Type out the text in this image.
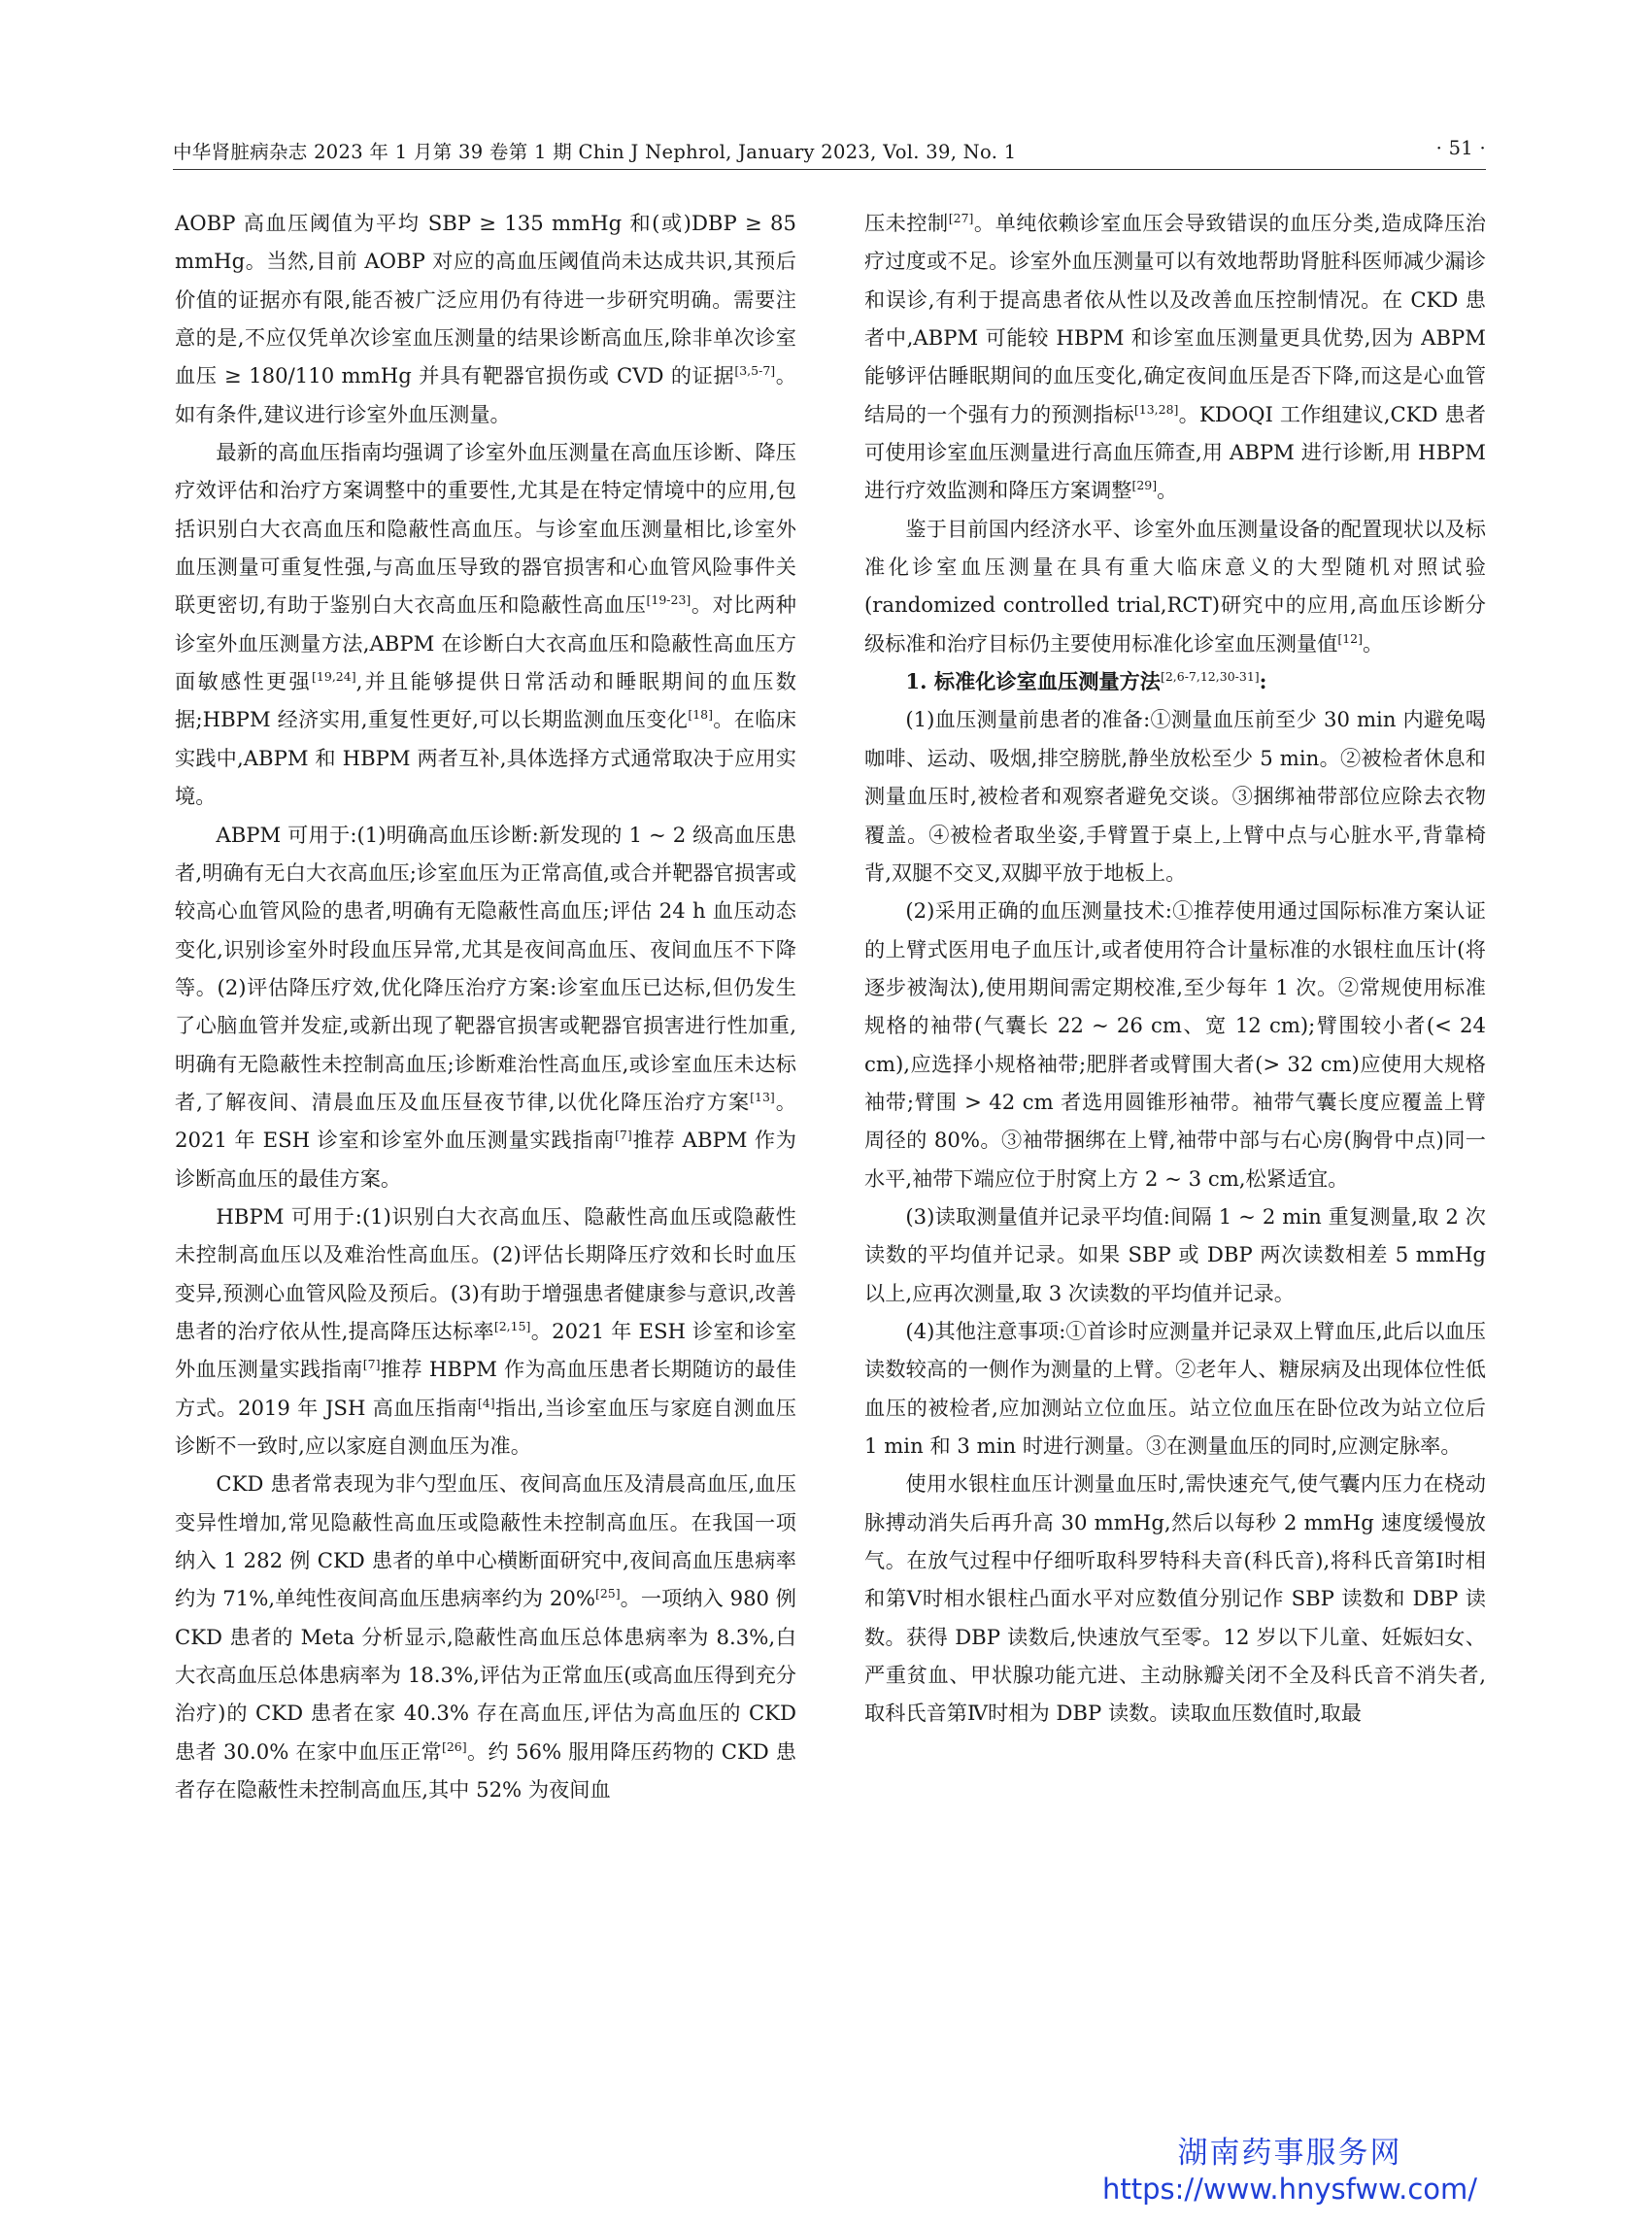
中华肾脏病杂志 2023 年 1 月第 39 卷第 1 期 Chin J Nephrol, January 2023, Vol. 39, No. 1	· 51 ·

AOBP 高血压阈值为平均 SBP ≥ 135 mmHg 和(或)DBP ≥ 85 mmHg。当然,目前 AOBP 对应的高血压阈值尚未达成共识,其预后价值的证据亦有限,能否被广泛应用仍有待进一步研究明确。需要注意的是,不应仅凭单次诊室血压测量的结果诊断高血压,除非单次诊室血压 ≥ 180/110 mmHg 并具有靶器官损伤或 CVD 的证据[3,5-7]。如有条件,建议进行诊室外血压测量。

最新的高血压指南均强调了诊室外血压测量在高血压诊断、降压疗效评估和治疗方案调整中的重要性,尤其是在特定情境中的应用,包括识别白大衣高血压和隐蔽性高血压。与诊室血压测量相比,诊室外血压测量可重复性强,与高血压导致的器官损害和心血管风险事件关联更密切,有助于鉴别白大衣高血压和隐蔽性高血压[19-23]。对比两种诊室外血压测量方法,ABPM 在诊断白大衣高血压和隐蔽性高血压方面敏感性更强[19,24],并且能够提供日常活动和睡眠期间的血压数据;HBPM 经济实用,重复性更好,可以长期监测血压变化[18]。在临床实践中,ABPM 和 HBPM 两者互补,具体选择方式通常取决于应用实境。

ABPM 可用于:(1)明确高血压诊断:新发现的 1 ~ 2 级高血压患者,明确有无白大衣高血压;诊室血压为正常高值,或合并靶器官损害或较高心血管风险的患者,明确有无隐蔽性高血压;评估 24 h 血压动态变化,识别诊室外时段血压异常,尤其是夜间高血压、夜间血压不下降等。(2)评估降压疗效,优化降压治疗方案:诊室血压已达标,但仍发生了心脑血管并发症,或新出现了靶器官损害或靶器官损害进行性加重,明确有无隐蔽性未控制高血压;诊断难治性高血压,或诊室血压未达标者,了解夜间、清晨血压及血压昼夜节律,以优化降压治疗方案[13]。2021 年 ESH 诊室和诊室外血压测量实践指南[7]推荐 ABPM 作为诊断高血压的最佳方案。

HBPM 可用于:(1)识别白大衣高血压、隐蔽性高血压或隐蔽性未控制高血压以及难治性高血压。(2)评估长期降压疗效和长时血压变异,预测心血管风险及预后。(3)有助于增强患者健康参与意识,改善患者的治疗依从性,提高降压达标率[2,15]。2021 年 ESH 诊室和诊室外血压测量实践指南[7]推荐 HBPM 作为高血压患者长期随访的最佳方式。2019 年 JSH 高血压指南[4]指出,当诊室血压与家庭自测血压诊断不一致时,应以家庭自测血压为准。

CKD 患者常表现为非勺型血压、夜间高血压及清晨高血压,血压变异性增加,常见隐蔽性高血压或隐蔽性未控制高血压。在我国一项纳入 1 282 例 CKD 患者的单中心横断面研究中,夜间高血压患病率约为 71%,单纯性夜间高血压患病率约为 20%[25]。一项纳入 980 例 CKD 患者的 Meta 分析显示,隐蔽性高血压总体患病率为 8.3%,白大衣高血压总体患病率为 18.3%,评估为正常血压(或高血压得到充分治疗)的 CKD 患者在家 40.3% 存在高血压,评估为高血压的 CKD 患者 30.0% 在家中血压正常[26]。约 56% 服用降压药物的 CKD 患者存在隐蔽性未控制高血压,其中 52% 为夜间血

压未控制[27]。单纯依赖诊室血压会导致错误的血压分类,造成降压治疗过度或不足。诊室外血压测量可以有效地帮助肾脏科医师减少漏诊和误诊,有利于提高患者依从性以及改善血压控制情况。在 CKD 患者中,ABPM 可能较 HBPM 和诊室血压测量更具优势,因为 ABPM 能够评估睡眠期间的血压变化,确定夜间血压是否下降,而这是心血管结局的一个强有力的预测指标[13,28]。KDOQI 工作组建议,CKD 患者可使用诊室血压测量进行高血压筛查,用 ABPM 进行诊断,用 HBPM 进行疗效监测和降压方案调整[29]。

鉴于目前国内经济水平、诊室外血压测量设备的配置现状以及标准化诊室血压测量在具有重大临床意义的大型随机对照试验(randomized controlled trial,RCT)研究中的应用,高血压诊断分级标准和治疗目标仍主要使用标准化诊室血压测量值[12]。

1. 标准化诊室血压测量方法[2,6-7,12,30-31]:

(1)血压测量前患者的准备:①测量血压前至少 30 min 内避免喝咖啡、运动、吸烟,排空膀胱,静坐放松至少 5 min。②被检者休息和测量血压时,被检者和观察者避免交谈。③捆绑袖带部位应除去衣物覆盖。④被检者取坐姿,手臂置于桌上,上臂中点与心脏水平,背靠椅背,双腿不交叉,双脚平放于地板上。

(2)采用正确的血压测量技术:①推荐使用通过国际标准方案认证的上臂式医用电子血压计,或者使用符合计量标准的水银柱血压计(将逐步被淘汰),使用期间需定期校准,至少每年 1 次。②常规使用标准规格的袖带(气囊长 22 ~ 26 cm、宽 12 cm);臂围较小者(< 24 cm),应选择小规格袖带;肥胖者或臂围大者(> 32 cm)应使用大规格袖带;臂围 > 42 cm 者选用圆锥形袖带。袖带气囊长度应覆盖上臂周径的 80%。③袖带捆绑在上臂,袖带中部与右心房(胸骨中点)同一水平,袖带下端应位于肘窝上方 2 ~ 3 cm,松紧适宜。

(3)读取测量值并记录平均值:间隔 1 ~ 2 min 重复测量,取 2 次读数的平均值并记录。如果 SBP 或 DBP 两次读数相差 5 mmHg 以上,应再次测量,取 3 次读数的平均值并记录。

(4)其他注意事项:①首诊时应测量并记录双上臂血压,此后以血压读数较高的一侧作为测量的上臂。②老年人、糖尿病及出现体位性低血压的被检者,应加测站立位血压。站立位血压在卧位改为站立位后 1 min 和 3 min 时进行测量。③在测量血压的同时,应测定脉率。

使用水银柱血压计测量血压时,需快速充气,使气囊内压力在桡动脉搏动消失后再升高 30 mmHg,然后以每秒 2 mmHg 速度缓慢放气。在放气过程中仔细听取科罗特科夫音(科氏音),将科氏音第Ⅰ时相和第Ⅴ时相水银柱凸面水平对应数值分别记作 SBP 读数和 DBP 读数。获得 DBP 读数后,快速放气至零。12 岁以下儿童、妊娠妇女、严重贫血、甲状腺功能亢进、主动脉瓣关闭不全及科氏音不消失者,取科氏音第Ⅳ时相为 DBP 读数。读取血压数值时,取最

湖南药事服务网
https://www.hnysfww.com/
